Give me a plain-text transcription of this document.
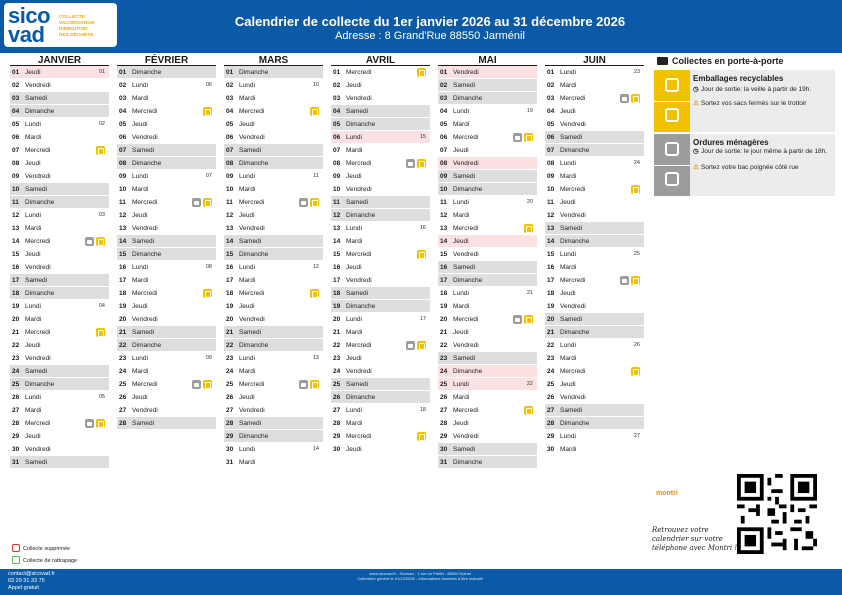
sico
vad
COLLECTE
VALORISATION
DIMINUTION
DES DÉCHETS
Calendrier de collecte du 1er janvier 2026 au 31 décembre 2026
Adresse : 8 Grand'Rue 88550 Jarménil
JANVIER
01 Jeudi	01
02 Vendredi
03 Samedi
04 Dimanche
05 Lundi	02
06 Mardi
07 Mercredi
08 Jeudi
09 Vendredi
10 Samedi
11 Dimanche
12 Lundi	03
13 Mardi
14 Mercredi
15 Jeudi
16 Vendredi
17 Samedi
18 Dimanche
19 Lundi	04
20 Mardi
21 Mercredi
22 Jeudi
23 Vendredi
24 Samedi
25 Dimanche
26 Lundi	05
27 Mardi
28 Mercredi
29 Jeudi
30 Vendredi
31 Samedi
FÉVRIER
01 Dimanche
02 Lundi	06
03 Mardi
04 Mercredi
05 Jeudi
06 Vendredi
07 Samedi
08 Dimanche
09 Lundi	07
10 Mardi
11 Mercredi
12 Jeudi
13 Vendredi
14 Samedi
15 Dimanche
16 Lundi	08
17 Mardi
18 Mercredi
19 Jeudi
20 Vendredi
21 Samedi
22 Dimanche
23 Lundi	09
24 Mardi
25 Mercredi
26 Jeudi
27 Vendredi
28 Samedi
MARS
01 Dimanche
02 Lundi	10
03 Mardi
04 Mercredi
05 Jeudi
06 Vendredi
07 Samedi
08 Dimanche
09 Lundi	11
10 Mardi
11 Mercredi
12 Jeudi
13 Vendredi
14 Samedi
15 Dimanche
16 Lundi	12
17 Mardi
18 Mercredi
19 Jeudi
20 Vendredi
21 Samedi
22 Dimanche
23 Lundi	13
24 Mardi
25 Mercredi
26 Jeudi
27 Vendredi
28 Samedi
29 Dimanche
30 Lundi	14
31 Mardi
AVRIL
01 Mercredi
02 Jeudi
03 Vendredi
04 Samedi
05 Dimanche
06 Lundi	15
07 Mardi
08 Mercredi
09 Jeudi
10 Vendredi
11 Samedi
12 Dimanche
13 Lundi	16
14 Mardi
15 Mercredi
16 Jeudi
17 Vendredi
18 Samedi
19 Dimanche
20 Lundi	17
21 Mardi
22 Mercredi
23 Jeudi
24 Vendredi
25 Samedi
26 Dimanche
27 Lundi	18
28 Mardi
29 Mercredi
30 Jeudi
MAI
01 Vendredi
02 Samedi
03 Dimanche
04 Lundi	19
05 Mardi
06 Mercredi
07 Jeudi
08 Vendredi
09 Samedi
10 Dimanche
11 Lundi	20
12 Mardi
13 Mercredi
14 Jeudi
15 Vendredi
16 Samedi
17 Dimanche
18 Lundi	21
19 Mardi
20 Mercredi
21 Jeudi
22 Vendredi
23 Samedi
24 Dimanche
25 Lundi	22
26 Mardi
27 Mercredi
28 Jeudi
29 Vendredi
30 Samedi
31 Dimanche
JUIN
01 Lundi	23
02 Mardi
03 Mercredi
04 Jeudi
05 Vendredi
06 Samedi
07 Dimanche
08 Lundi	24
09 Mardi
10 Mercredi
11 Jeudi
12 Vendredi
13 Samedi
14 Dimanche
15 Lundi	25
16 Mardi
17 Mercredi
18 Jeudi
19 Vendredi
20 Samedi
21 Dimanche
22 Lundi	26
23 Mardi
24 Mercredi
25 Jeudi
26 Vendredi
27 Samedi
28 Dimanche
29 Lundi	27
30 Mardi
Collectes en porte-à-porte
Emballages recyclables
◷ Jour de sortie: la veille à partir de 19h.
⚠ Sortez vos sacs fermés sur le trottoir
Ordures ménagères
◷ Jour de sortie: le jour même à partir de 18h.
⚠ Sortez votre bac poignée côté rue
Collecte supprimée
Collecte de rattrapage
montri
Retrouvez votre calendrier sur votre téléphone avec Montri !
contact@sicovad.fr
03 29 31 33 75
Appel gratuit
www.sicovad.fr ‑ Sicovad ‑ 1 rue du Préfet ‑ 88000 Epinal
Calendrier généré le 01/12/2025 ‑ Informations données à titre indicatif
